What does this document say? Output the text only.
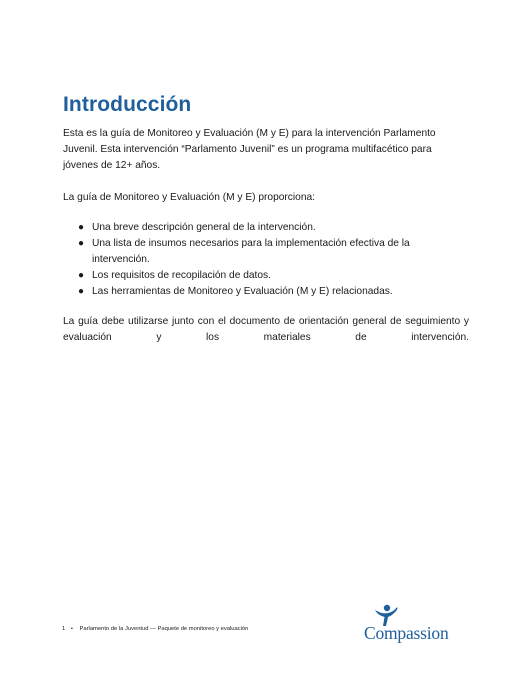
Introducción

Esta es la guía de Monitoreo y Evaluación (M y E) para la intervención Parlamento Juvenil. Esta intervención “Parlamento Juvenil” es un programa multifacético para jóvenes de 12+ años.

La guía de Monitoreo y Evaluación (M y E) proporciona:

● Una breve descripción general de la intervención.
● Una lista de insumos necesarios para la implementación efectiva de la intervención.
● Los requisitos de recopilación de datos.
● Las herramientas de Monitoreo y Evaluación (M y E) relacionadas.

La guía debe utilizarse junto con el documento de orientación general de seguimiento y evaluación y los materiales de intervención.

1 • Parlamento de la Juventud — Paquete de monitoreo y evaluación	Compassion
